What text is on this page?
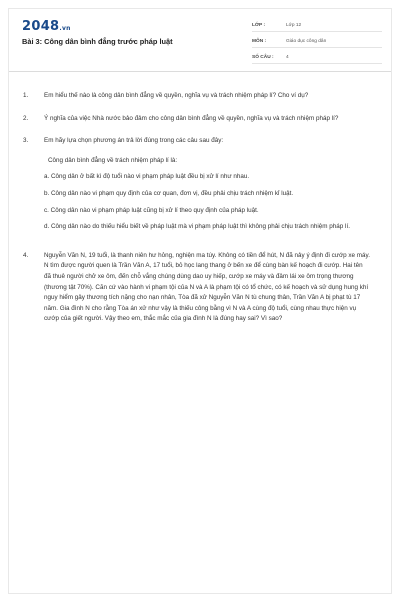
2048.vn
Bài 3: Công dân bình đẳng trước pháp luật
LỚP :	Lớp 12
MÔN :	Giáo dục công dân
SỐ CÂU :	4
1. Em hiểu thế nào là công dân bình đẳng về quyền, nghĩa vụ và trách nhiệm pháp lí? Cho ví dụ?
2. Ý nghĩa của việc Nhà nước bảo đảm cho công dân bình đẳng về quyền, nghĩa vụ và trách nhiệm pháp lí?
3. Em hãy lựa chọn phương án trả lời đúng trong các câu sau đây:
Công dân bình đẳng về trách nhiệm pháp lí là:
a. Công dân ở bất kì độ tuổi nào vi phạm pháp luật đều bị xử lí như nhau.
b. Công dân nào vi phạm quy định của cơ quan, đơn vị, đều phải chịu trách nhiệm kỉ luật.
c. Công dân nào vi phạm pháp luật cũng bị xử lí theo quy định của pháp luật.
d. Công dân nào do thiếu hiểu biết về pháp luật mà vi phạm pháp luật thì không phải chịu trách nhiệm pháp lí.
4. Nguyễn Văn N, 19 tuổi, là thanh niên hư hỏng, nghiện ma túy. Không có tiền để hút, N đã nảy ý định đi cướp xe máy. N tìm được người quen là Trần Văn A, 17 tuổi, bỏ học lang thang ở bến xe để cùng bàn kế hoạch đi cướp. Hai tên đã thuê người chở xe ôm, đến chỗ vắng chúng dùng dao uy hiếp, cướp xe máy và đâm lái xe ôm trọng thương (thương tật 70%). Căn cứ vào hành vi phạm tội của N và A là phạm tội có tổ chức, có kế hoạch và sử dụng hung khí nguy hiểm gây thương tích nặng cho nạn nhân, Tòa đã xử Nguyễn Văn N tù chung thân, Trần Văn A bị phạt tù 17 năm. Gia đình N cho rằng Tòa án xử như vậy là thiếu công bằng vì N và A cùng độ tuổi, cùng nhau thực hiện vụ cướp của giết người. Vậy theo em, thắc mắc của gia đình N là đúng hay sai? Vì sao?
